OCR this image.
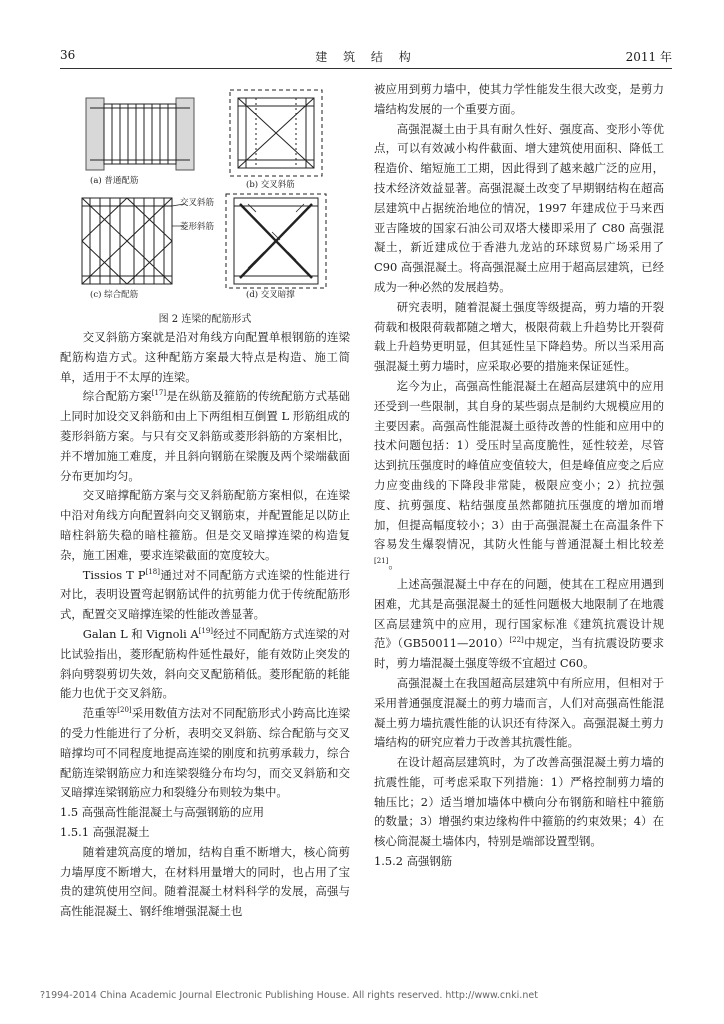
36	建 筑 结 构	2011 年
(a) 普通配筋	(b) 交叉斜筋
(c) 综合配筋	(d) 交叉暗撑
交叉斜筋
菱形斜筋
图 2 连梁的配筋形式

交叉斜筋方案就是沿对角线方向配置单根钢筋的连梁配筋构造方式。这种配筋方案最大特点是构造、施工简单，适用于不太厚的连梁。

综合配筋方案[17]是在纵筋及箍筋的传统配筋方式基础上同时加设交叉斜筋和由上下两组相互倒置 L 形筋组成的菱形斜筋方案。与只有交叉斜筋或菱形斜筋的方案相比，并不增加施工难度，并且斜向钢筋在梁腹及两个梁端截面分布更加均匀。

交叉暗撑配筋方案与交叉斜筋配筋方案相似，在连梁中沿对角线方向配置斜向交叉钢筋束，并配置能足以防止暗柱斜筋失稳的暗柱箍筋。但是交叉暗撑连梁的构造复杂，施工困难，要求连梁截面的宽度较大。

Tissios T P[18]通过对不同配筋方式连梁的性能进行对比，表明设置弯起钢筋试件的抗剪能力优于传统配筋形式，配置交叉暗撑连梁的性能改善显著。

Galan L 和 Vignoli A[19]经过不同配筋方式连梁的对比试验指出，菱形配筋构件延性最好，能有效防止突发的斜向劈裂剪切失效，斜向交叉配筋稍低。菱形配筋的耗能能力也优于交叉斜筋。

范重等[20]采用数值方法对不同配筋形式小跨高比连梁的受力性能进行了分析，表明交叉斜筋、综合配筋与交叉暗撑均可不同程度地提高连梁的刚度和抗剪承载力，综合配筋连梁钢筋应力和连梁裂缝分布均匀，而交叉斜筋和交叉暗撑连梁钢筋应力和裂缝分布则较为集中。

1.5 高强高性能混凝土与高强钢筋的应用
1.5.1 高强混凝土

随着建筑高度的增加，结构自重不断增大，核心筒剪力墙厚度不断增大，在材料用量增大的同时，也占用了宝贵的建筑使用空间。随着混凝土材料科学的发展，高强与高性能混凝土、钢纤维增强混凝土也

被应用到剪力墙中，使其力学性能发生很大改变，是剪力墙结构发展的一个重要方面。

高强混凝土由于具有耐久性好、强度高、变形小等优点，可以有效减小构件截面、增大建筑使用面积、降低工程造价、缩短施工工期，因此得到了越来越广泛的应用，技术经济效益显著。高强混凝土改变了早期钢结构在超高层建筑中占据统治地位的情况，1997 年建成位于马来西亚吉隆坡的国家石油公司双塔大楼即采用了 C80 高强混凝土，新近建成位于香港九龙站的环球贸易广场采用了 C90 高强混凝土。将高强混凝土应用于超高层建筑，已经成为一种必然的发展趋势。

研究表明，随着混凝土强度等级提高，剪力墙的开裂荷载和极限荷载都随之增大，极限荷载上升趋势比开裂荷载上升趋势更明显，但其延性呈下降趋势。所以当采用高强混凝土剪力墙时，应采取必要的措施来保证延性。

迄今为止，高强高性能混凝土在超高层建筑中的应用还受到一些限制，其自身的某些弱点是制约大规模应用的主要因素。高强高性能混凝土亟待改善的性能和应用中的技术问题包括：1）受压时呈高度脆性，延性较差，尽管达到抗压强度时的峰值应变值较大，但是峰值应变之后应力应变曲线的下降段非常陡，极限应变小；2）抗拉强度、抗剪强度、粘结强度虽然都随抗压强度的增加而增加，但提高幅度较小；3）由于高强混凝土在高温条件下容易发生爆裂情况，其防火性能与普通混凝土相比较差[21]。

上述高强混凝土中存在的问题，使其在工程应用遇到困难，尤其是高强混凝土的延性问题极大地限制了在地震区高层建筑中的应用，现行国家标准《建筑抗震设计规范》（GB50011—2010）[22]中规定，当有抗震设防要求时，剪力墙混凝土强度等级不宜超过 C60。

高强混凝土在我国超高层建筑中有所应用，但相对于采用普通强度混凝土的剪力墙而言，人们对高强高性能混凝土剪力墙抗震性能的认识还有待深入。高强混凝土剪力墙结构的研究应着力于改善其抗震性能。

在设计超高层建筑时，为了改善高强混凝土剪力墙的抗震性能，可考虑采取下列措施：1）严格控制剪力墙的轴压比；2）适当增加墙体中横向分布钢筋和暗柱中箍筋的数量；3）增强约束边缘构件中箍筋的约束效果；4）在核心筒混凝土墙体内，特别是端部设置型钢。

1.5.2 高强钢筋
?1994-2014 China Academic Journal Electronic Publishing House. All rights reserved. http://www.cnki.net
